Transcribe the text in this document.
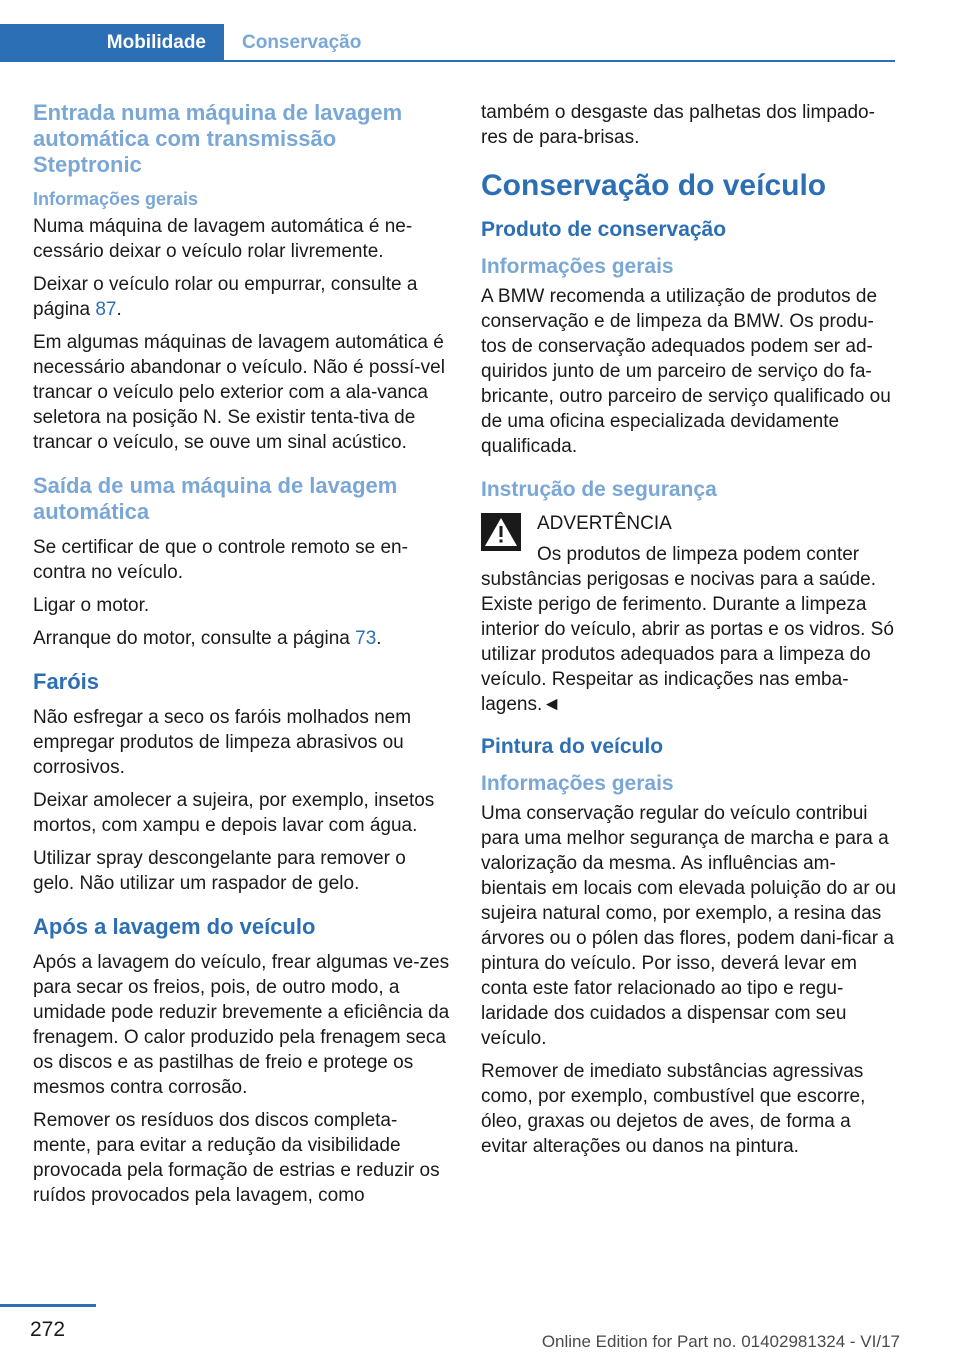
Mobilidade	Conservação
Entrada numa máquina de lavagem automática com transmissão Steptronic
Informações gerais

Numa máquina de lavagem automática é ne-cessário deixar o veículo rolar livremente.

Deixar o veículo rolar ou empurrar, consulte a página 87.

Em algumas máquinas de lavagem automática é necessário abandonar o veículo. Não é possí-vel trancar o veículo pelo exterior com a ala-vanca seletora na posição N. Se existir tenta-tiva de trancar o veículo, se ouve um sinal acústico.

Saída de uma máquina de lavagem automática

Se certificar de que o controle remoto se en-contra no veículo.

Ligar o motor.

Arranque do motor, consulte a página 73.

Faróis

Não esfregar a seco os faróis molhados nem empregar produtos de limpeza abrasivos ou corrosivos.

Deixar amolecer a sujeira, por exemplo, insetos mortos, com xampu e depois lavar com água.

Utilizar spray descongelante para remover o gelo. Não utilizar um raspador de gelo.

Após a lavagem do veículo

Após a lavagem do veículo, frear algumas ve-zes para secar os freios, pois, de outro modo, a umidade pode reduzir brevemente a eficiência da frenagem. O calor produzido pela frenagem seca os discos e as pastilhas de freio e protege os mesmos contra corrosão.

Remover os resíduos dos discos completa-mente, para evitar a redução da visibilidade provocada pela formação de estrias e reduzir os ruídos provocados pela lavagem, como

também o desgaste das palhetas dos limpado-res de para-brisas.

Conservação do veículo
Produto de conservação
Informações gerais

A BMW recomenda a utilização de produtos de conservação e de limpeza da BMW. Os produ-tos de conservação adequados podem ser ad-quiridos junto de um parceiro de serviço do fa-bricante, outro parceiro de serviço qualificado ou de uma oficina especializada devidamente qualificada.

Instrução de segurança

ADVERTÊNCIA

Os produtos de limpeza podem conter substâncias perigosas e nocivas para a saúde. Existe perigo de ferimento. Durante a limpeza interior do veículo, abrir as portas e os vidros. Só utilizar produtos adequados para a limpeza do veículo. Respeitar as indicações nas emba-lagens.◄

Pintura do veículo
Informações gerais

Uma conservação regular do veículo contribui para uma melhor segurança de marcha e para a valorização da mesma. As influências am-bientais em locais com elevada poluição do ar ou sujeira natural como, por exemplo, a resina das árvores ou o pólen das flores, podem dani-ficar a pintura do veículo. Por isso, deverá levar em conta este fator relacionado ao tipo e regu-laridade dos cuidados a dispensar com seu veículo.

Remover de imediato substâncias agressivas como, por exemplo, combustível que escorre, óleo, graxas ou dejetos de aves, de forma a evitar alterações ou danos na pintura.

272
Online Edition for Part no. 01402981324 - VI/17
